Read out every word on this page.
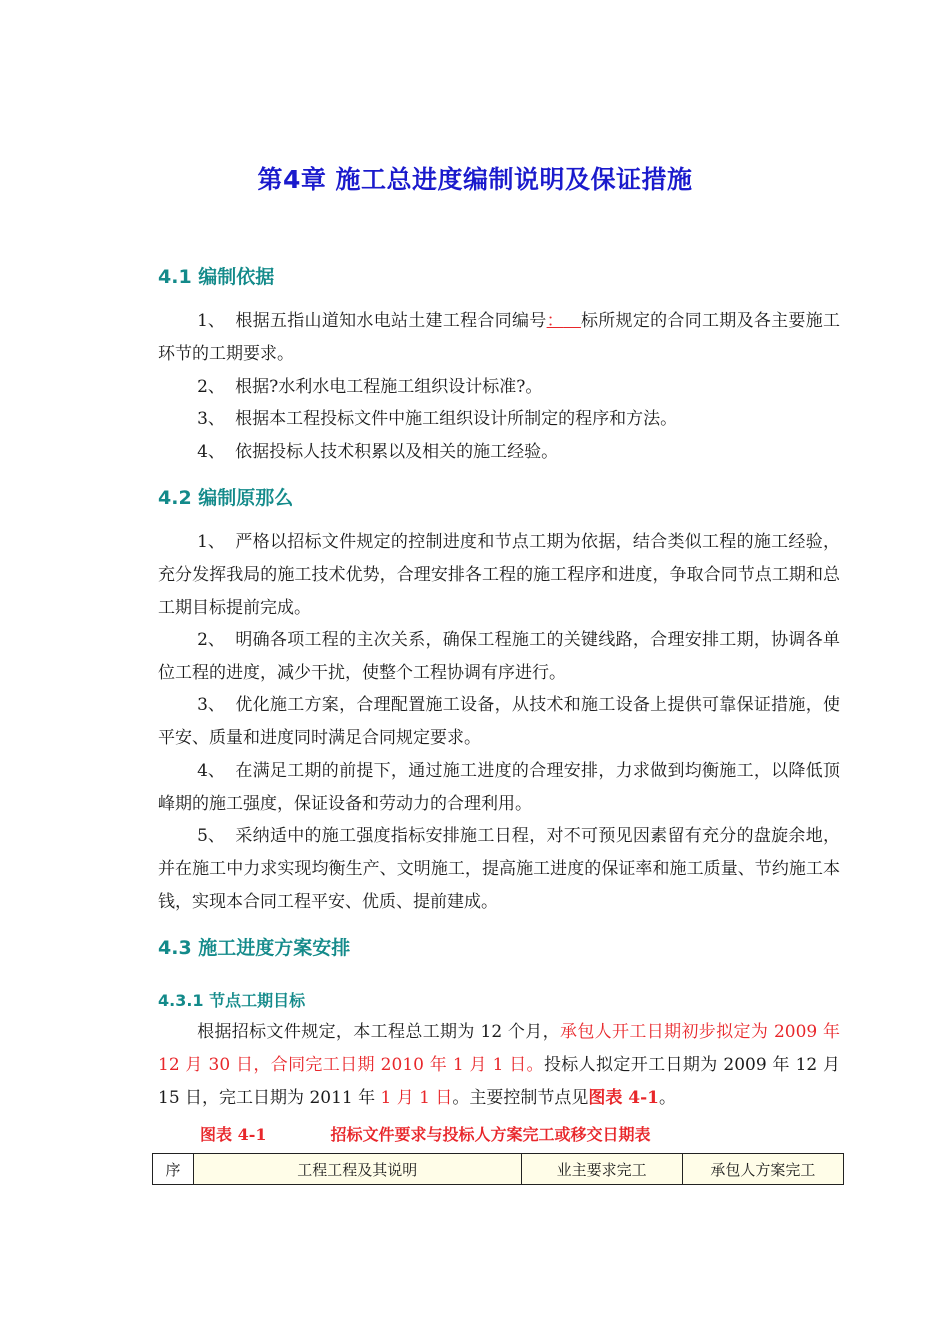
第4章 施工总进度编制说明及保证措施
4.1 编制依据

1、 根据五指山道知水电站土建工程合同编号： 标所规定的合同工期及各主要施工环节的工期要求。

2、 根据?水利水电工程施工组织设计标准?。

3、 根据本工程投标文件中施工组织设计所制定的程序和方法。

4、 依据投标人技术积累以及相关的施工经验。

4.2 编制原那么

1、 严格以招标文件规定的控制进度和节点工期为依据，结合类似工程的施工经验，充分发挥我局的施工技术优势，合理安排各工程的施工程序和进度，争取合同节点工期和总工期目标提前完成。

2、 明确各项工程的主次关系，确保工程施工的关键线路，合理安排工期，协调各单位工程的进度，减少干扰，使整个工程协调有序进行。

3、 优化施工方案，合理配置施工设备，从技术和施工设备上提供可靠保证措施，使平安、质量和进度同时满足合同规定要求。

4、 在满足工期的前提下，通过施工进度的合理安排，力求做到均衡施工，以降低顶峰期的施工强度，保证设备和劳动力的合理利用。

5、 采纳适中的施工强度指标安排施工日程，对不可预见因素留有充分的盘旋余地，并在施工中力求实现均衡生产、文明施工，提高施工进度的保证率和施工质量、节约施工本钱，实现本合同工程平安、优质、提前建成。

4.3 施工进度方案安排
4.3.1 节点工期目标

根据招标文件规定，本工程总工期为 12 个月，承包人开工日期初步拟定为 2009 年 12 月 30 日，合同完工日期 2010 年 1 月 1 日。投标人拟定开工日期为 2009 年 12 月 15 日，完工日期为 2011 年 1 月 1 日。主要控制节点见图表 4-1。

图表 4-1	招标文件要求与投标人方案完工或移交日期表
序	工程工程及其说明	业主要求完工	承包人方案完工
